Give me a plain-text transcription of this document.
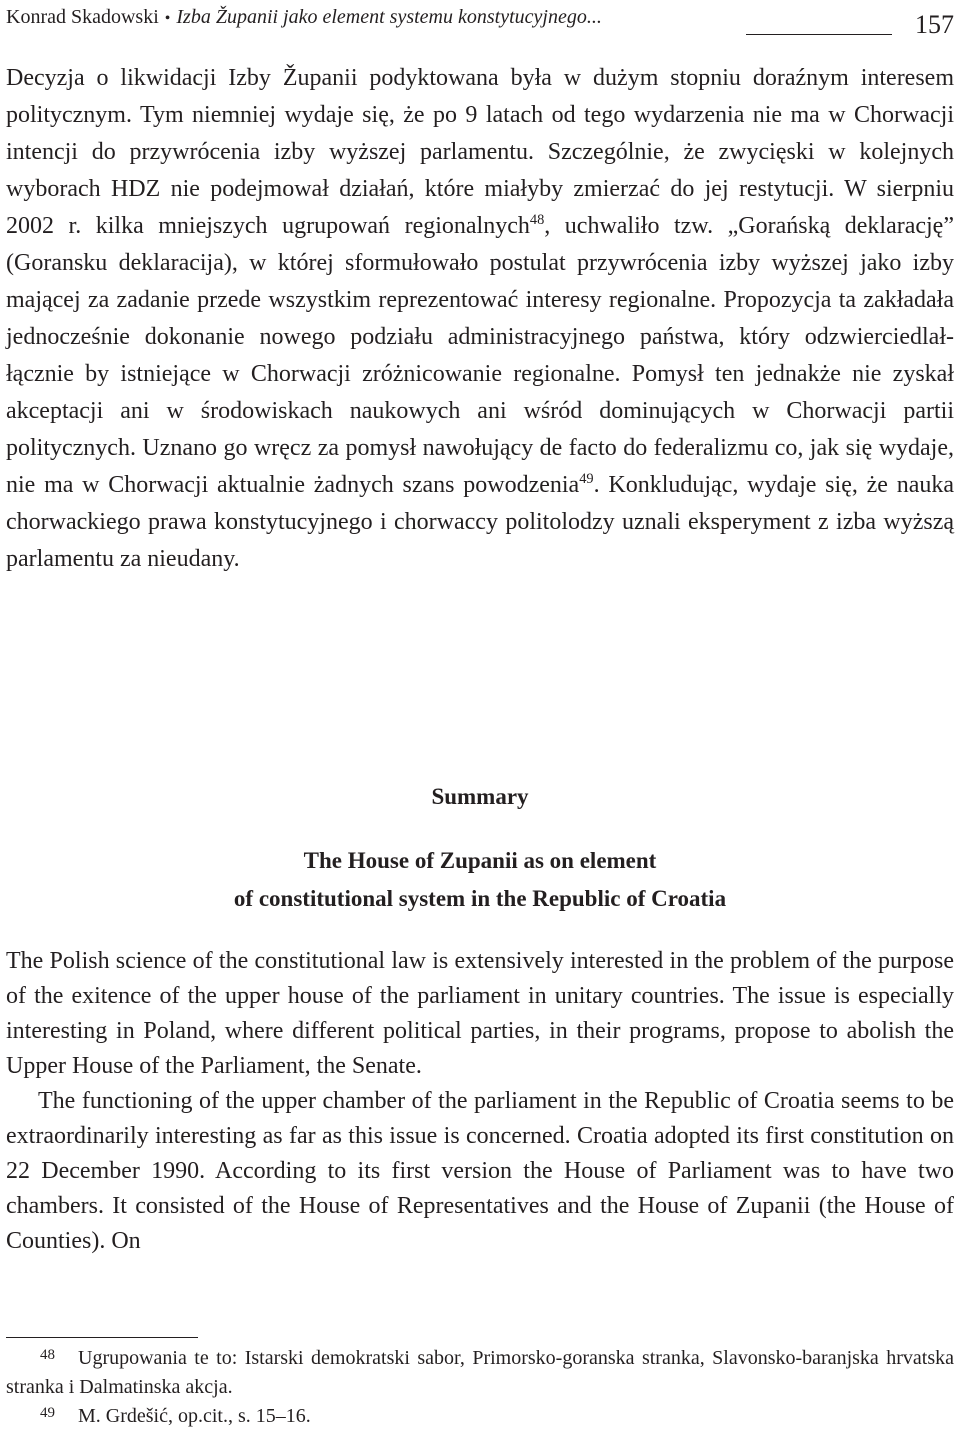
Konrad Skadowski • Izba Županii jako element systemu konstytucyjnego...	157

Decyzja o likwidacji Izby Županii podyktowana była w dużym stopniu doraźnym interesem politycznym. Tym niemniej wydaje się, że po 9 latach od tego wydarzenia nie ma w Chorwacji intencji do przywrócenia izby wyższej parlamentu. Szczególnie, że zwycięski w kolejnych wyborach HDZ nie podejmował działań, które miałyby zmierzać do jej restytucji. W sierpniu 2002 r. kilka mniejszych ugrupowań regionalnych$^{48}$, uchwaliło tzw. „Gorańską deklarację” (Goransku deklaracija), w której sformułowało postulat przywrócenia izby wyższej jako izby mającej za zadanie przede wszystkim reprezentować interesy regionalne. Propozycja ta zakładała jednocześnie dokonanie nowego podziału administracyjnego państwa, który odzwierciedlał-łącznie by istniejące w Chorwacji zróżnicowanie regionalne. Pomysł ten jednakże nie zyskał akceptacji ani w środowiskach naukowych ani wśród dominujących w Chorwacji partii politycznych. Uznano go wręcz za pomysł nawołujący de facto do federalizmu co, jak się wydaje, nie ma w Chorwacji aktualnie żadnych szans powodzenia$^{49}$. Konkludując, wydaje się, że nauka chorwackiego prawa konstytucyjnego i chorwaccy politolodzy uznali eksperyment z izba wyższą parlamentu za nieudany.

Summary
The House of Zupanii as on element
of constitutional system in the Republic of Croatia

The Polish science of the constitutional law is extensively interested in the problem of the purpose of the exitence of the upper house of the parliament in unitary countries. The issue is especially interesting in Poland, where different political parties, in their programs, propose to abolish the Upper House of the Parliament, the Senate.

The functioning of the upper chamber of the parliament in the Republic of Croatia seems to be extraordinarily interesting as far as this issue is concerned. Croatia adopted its first constitution on 22 December 1990. According to its first version the House of Parliament was to have two chambers. It consisted of the House of Representatives and the House of Zupanii (the House of Counties). On

48 Ugrupowania te to: Istarski demokratski sabor, Primorsko-goranska stranka, Slavonsko-baranjska hrvatska stranka i Dalmatinska akcja.

49 M. Grdešić, op.cit., s. 15–16.
